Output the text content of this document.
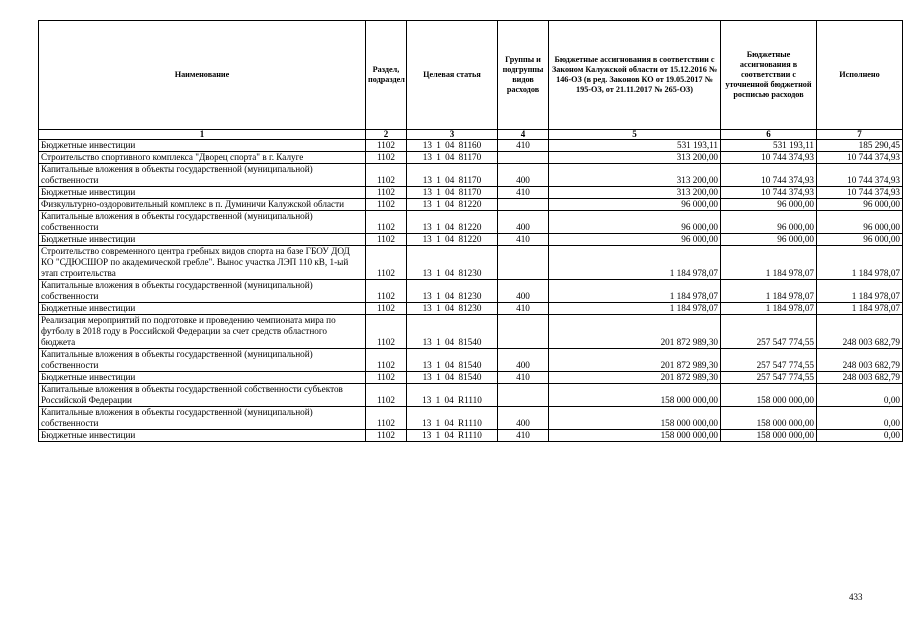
Наименование	Раздел, подраздел	Целевая статья	Группы и подгруппы видов расходов	Бюджетные ассигнования в соответствии с Законом Калужской области от 15.12.2016 № 146-ОЗ (в ред. Законов КО от 19.05.2017 № 195-ОЗ, от 21.11.2017 № 265-ОЗ)	Бюджетные ассигнования в соответствии с уточненной бюджетной росписью расходов	Исполнено
1	2	3	4	5	6	7
Бюджетные инвестиции	1102	13 1 04 81160	410	531 193,11	531 193,11	185 290,45
Строительство спортивного комплекса "Дворец спорта" в г. Калуге	1102	13 1 04 81170		313 200,00	10 744 374,93	10 744 374,93
Капитальные вложения в объекты государственной (муниципальной) собственности	1102	13 1 04 81170	400	313 200,00	10 744 374,93	10 744 374,93
Бюджетные инвестиции	1102	13 1 04 81170	410	313 200,00	10 744 374,93	10 744 374,93
Физкультурно-оздоровительный комплекс в п. Думиничи Калужской области	1102	13 1 04 81220		96 000,00	96 000,00	96 000,00
Капитальные вложения в объекты государственной (муниципальной) собственности	1102	13 1 04 81220	400	96 000,00	96 000,00	96 000,00
Бюджетные инвестиции	1102	13 1 04 81220	410	96 000,00	96 000,00	96 000,00
Строительство современного центра гребных видов спорта на базе ГБОУ ДОД КО "СДЮСШОР по академической гребле". Вынос участка ЛЭП 110 кВ, 1-ый этап строительства	1102	13 1 04 81230		1 184 978,07	1 184 978,07	1 184 978,07
Капитальные вложения в объекты государственной (муниципальной) собственности	1102	13 1 04 81230	400	1 184 978,07	1 184 978,07	1 184 978,07
Бюджетные инвестиции	1102	13 1 04 81230	410	1 184 978,07	1 184 978,07	1 184 978,07
Реализация мероприятий по подготовке и проведению чемпионата мира по футболу в 2018 году в Российской Федерации за счет средств областного бюджета	1102	13 1 04 81540		201 872 989,30	257 547 774,55	248 003 682,79
Капитальные вложения в объекты государственной (муниципальной) собственности	1102	13 1 04 81540	400	201 872 989,30	257 547 774,55	248 003 682,79
Бюджетные инвестиции	1102	13 1 04 81540	410	201 872 989,30	257 547 774,55	248 003 682,79
Капитальные вложения в объекты государственной собственности субъектов Российской Федерации	1102	13 1 04 R1110		158 000 000,00	158 000 000,00	0,00
Капитальные вложения в объекты государственной (муниципальной) собственности	1102	13 1 04 R1110	400	158 000 000,00	158 000 000,00	0,00
Бюджетные инвестиции	1102	13 1 04 R1110	410	158 000 000,00	158 000 000,00	0,00
433
